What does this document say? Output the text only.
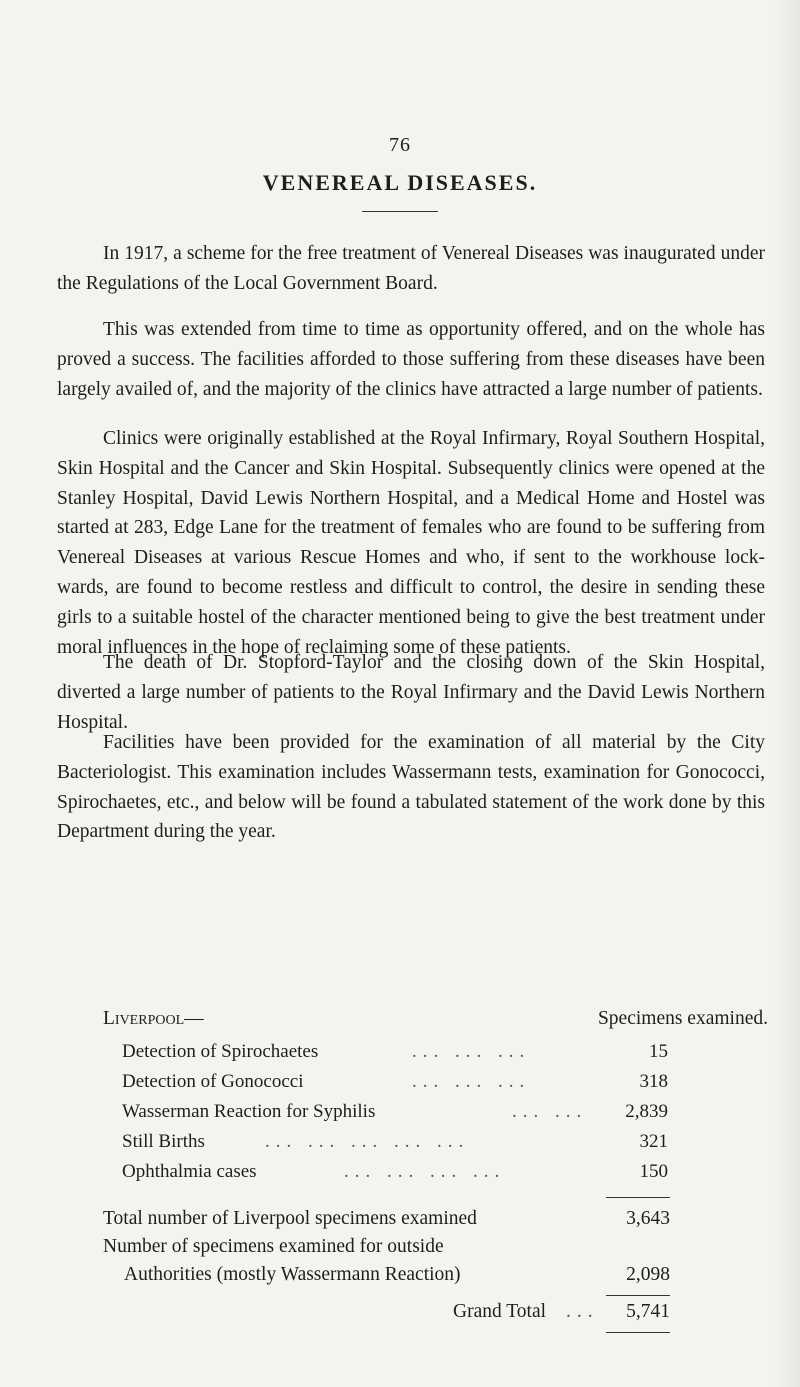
76
VENEREAL DISEASES.

In 1917, a scheme for the free treatment of Venereal Diseases was inaugurated under the Regulations of the Local Government Board.

This was extended from time to time as opportunity offered, and on the whole has proved a success. The facilities afforded to those suffering from these diseases have been largely availed of, and the majority of the clinics have attracted a large number of patients.

Clinics were originally established at the Royal Infirmary, Royal Southern Hospital, Skin Hospital and the Cancer and Skin Hospital. Subsequently clinics were opened at the Stanley Hospital, David Lewis Northern Hospital, and a Medical Home and Hostel was started at 283, Edge Lane for the treatment of females who are found to be suffering from Venereal Diseases at various Rescue Homes and who, if sent to the workhouse lock-wards, are found to become restless and difficult to control, the desire in sending these girls to a suitable hostel of the character mentioned being to give the best treatment under moral influences in the hope of reclaiming some of these patients.

The death of Dr. Stopford-Taylor and the closing down of the Skin Hospital, diverted a large number of patients to the Royal Infirmary and the David Lewis Northern Hospital.

Facilities have been provided for the examination of all material by the City Bacteriologist. This examination includes Wassermann tests, examination for Gonococci, Spirochaetes, etc., and below will be found a tabulated statement of the work done by this Department during the year.

Liverpool—	Specimens examined.
Detection of Spirochaetes	... ... ...	15
Detection of Gonococci	... ... ...	318
Wasserman Reaction for Syphilis	... ...	2,839
Still Births	... ... ... ... ...	321
Ophthalmia cases	... ... ... ...	150
Total number of Liverpool specimens examined	3,643
Number of specimens examined for outside
Authorities (mostly Wassermann Reaction)	2,098
Grand Total ... 5,741
